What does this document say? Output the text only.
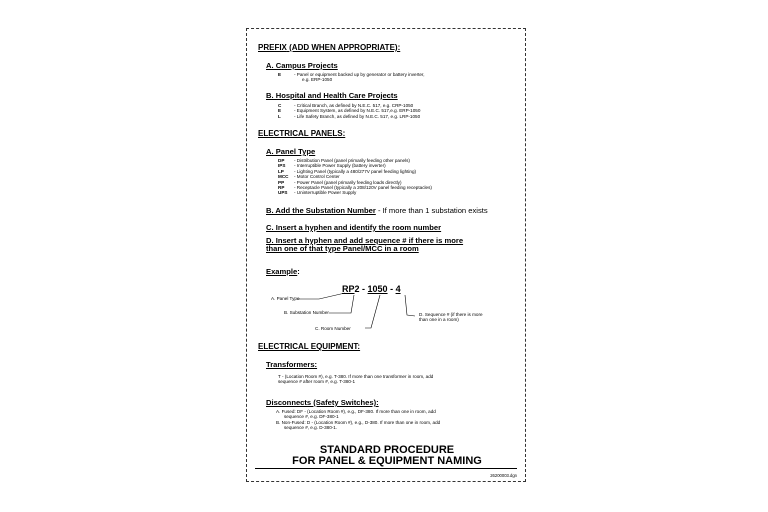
PREFIX (ADD WHEN APPROPRIATE):
A. Campus Projects
E	- Panel or equipment backed up by generator or battery inverter,
e.g. ERP-1050
B. Hospital and Health Care Projects
C	- Critical Branch, as defined by N.E.C. 517, e.g. CRP-1050
E	- Equipment System, as defined by N.E.C. 517,e.g. ERP-1050
L	- Life Safety Branch, as defined by N.E.C. 517, e.g. LRP-1050
ELECTRICAL PANELS:
A. Panel Type
DP	- Distribution Panel (panel primarily feeding other panels)
IPS	- Interruptible Power Supply (battery inverter)
LP	- Lighting Panel (typically a 480/277V panel feeding lighting)
MCC	- Motor Control Center
PP	- Power Panel (panel primarily feeding loads directly)
RP	- Receptacle Panel (typically a 208/120V panel feeding receptacles)
UPS	- Uninterruptible Power Supply
B. Add the Substation Number - If more than 1 substation exists
C. Insert a hyphen and identify the room number
D. Insert a hyphen and add sequence # if there is more
than one of that type Panel/MCC in a room
Example:
RP2 - 1050 - 4
A. Panel Type
B. Substation Number
C. Room Number
D. Sequence # (if there is more
than one in a room)
ELECTRICAL EQUIPMENT:
Transformers:
T - (Location Room #), e.g. T-380. If more than one transformer in room, add
sequence # after room #, e.g. T-380-1
Disconnects (Safety Switches):
A. Fused: DF - (Location Room #), e.g., DF-380. If more than one in room, add
sequence #, e.g. DF-380-1
B. Non-Fused: D - (Location Room #), e.g., D-380. If more than one in room, add
sequence #, e.g. D-380-1.
STANDARD PROCEDURE
FOR PANEL & EQUIPMENT NAMING
26200003.dgn
